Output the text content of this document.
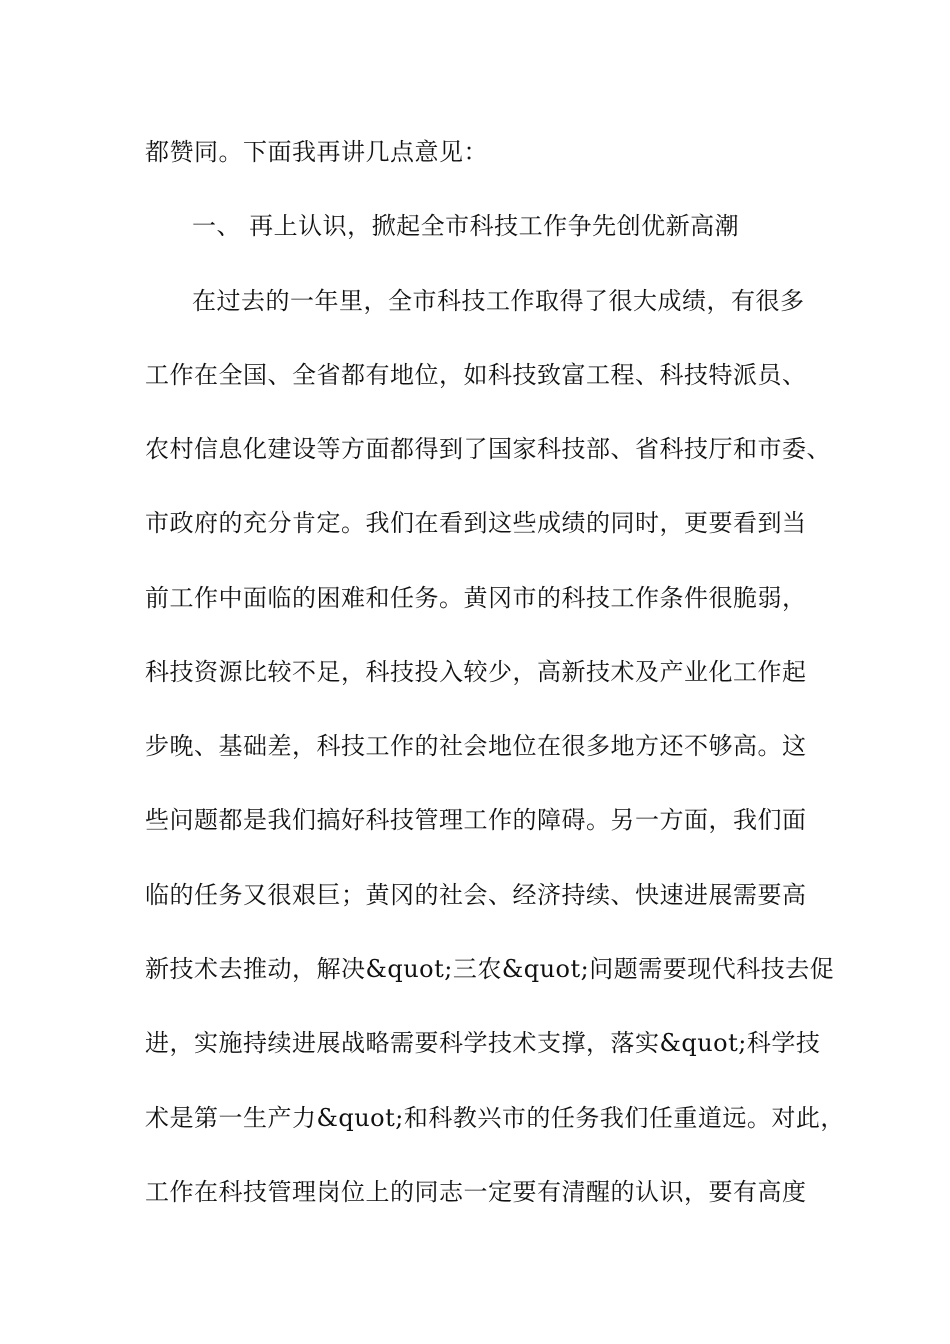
都赞同。下面我再讲几点意见：
一、 再上认识，掀起全市科技工作争先创优新高潮
在过去的一年里，全市科技工作取得了很大成绩，有很多
工作在全国、全省都有地位，如科技致富工程、科技特派员、
农村信息化建设等方面都得到了国家科技部、省科技厅和市委、
市政府的充分肯定。我们在看到这些成绩的同时，更要看到当
前工作中面临的困难和任务。黄冈市的科技工作条件很脆弱，
科技资源比较不足，科技投入较少，高新技术及产业化工作起
步晚、基础差，科技工作的社会地位在很多地方还不够高。这
些问题都是我们搞好科技管理工作的障碍。另一方面，我们面
临的任务又很艰巨；黄冈的社会、经济持续、快速进展需要高
新技术去推动，解决&quot;三农&quot;问题需要现代科技去促
进，实施持续进展战略需要科学技术支撑，落实&quot;科学技
术是第一生产力&quot;和科教兴市的任务我们任重道远。对此，
工作在科技管理岗位上的同志一定要有清醒的认识，要有高度
